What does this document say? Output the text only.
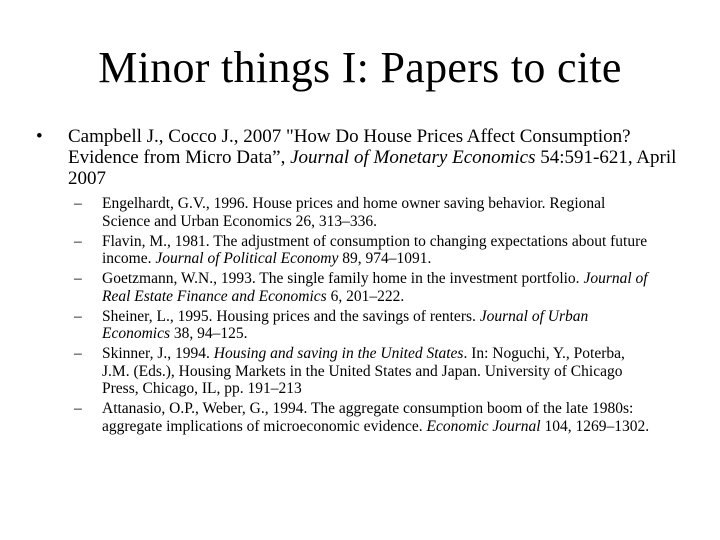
Minor things I: Papers to cite
• Campbell J., Cocco J., 2007 "How Do House Prices Affect Consumption? Evidence from Micro Data”, Journal of Monetary Economics 54:591-621, April 2007
– Engelhardt, G.V., 1996. House prices and home owner saving behavior. Regional Science and Urban Economics 26, 313–336.
– Flavin, M., 1981. The adjustment of consumption to changing expectations about future income. Journal of Political Economy 89, 974–1091.
– Goetzmann, W.N., 1993. The single family home in the investment portfolio. Journal of Real Estate Finance and Economics 6, 201–222.
– Sheiner, L., 1995. Housing prices and the savings of renters. Journal of Urban Economics 38, 94–125.
– Skinner, J., 1994. Housing and saving in the United States. In: Noguchi, Y., Poterba, J.M. (Eds.), Housing Markets in the United States and Japan. University of Chicago Press, Chicago, IL, pp. 191–213
– Attanasio, O.P., Weber, G., 1994. The aggregate consumption boom of the late 1980s: aggregate implications of microeconomic evidence. Economic Journal 104, 1269–1302.
